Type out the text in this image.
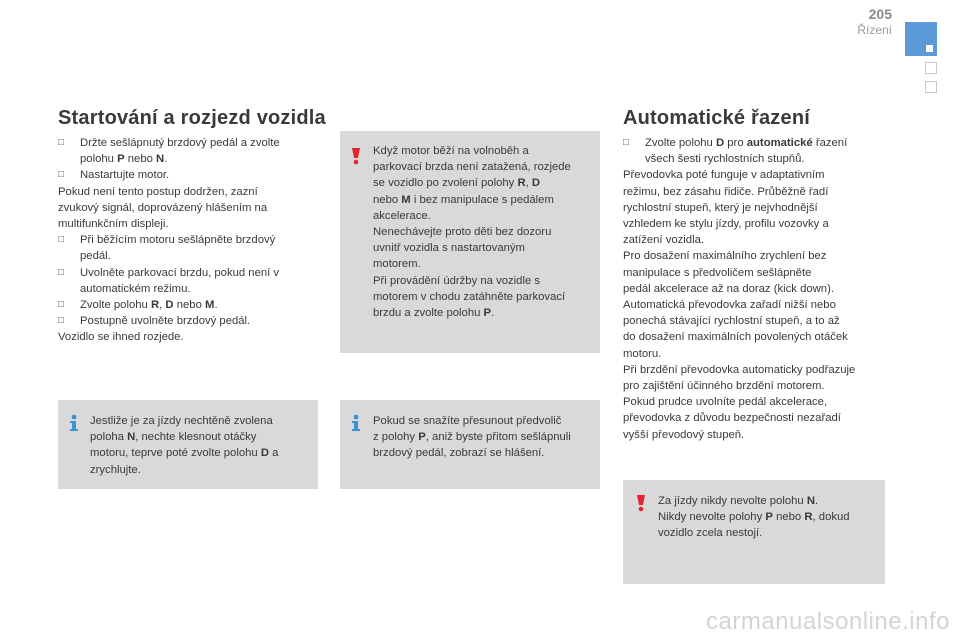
205
Řízení
Startování a rozjezd vozidla
□ Držte sešlápnutý brzdový pedál a zvolte
polohu P nebo N.
□ Nastartujte motor.
Pokud není tento postup dodržen, zazní
zvukový signál, doprovázený hlášením na
multifunkčním displeji.
□ Při běžícím motoru sešlápněte brzdový
pedál.
□ Uvolněte parkovací brzdu, pokud není v
automatickém režimu.
□ Zvolte polohu R, D nebo M.
□ Postupně uvolněte brzdový pedál.
Vozidlo se ihned rozjede.
Jestliže je za jízdy nechtěně zvolena
poloha N, nechte klesnout otáčky
motoru, teprve poté zvolte polohu D a
zrychlujte.
Když motor běží na volnoběh a
parkovací brzda není zatažená, rozjede
se vozidlo po zvolení polohy R, D
nebo M i bez manipulace s pedálem
akcelerace.
Nenechávejte proto děti bez dozoru
uvnitř vozidla s nastartovaným
motorem.
Při provádění údržby na vozidle s
motorem v chodu zatáhněte parkovací
brzdu a zvolte polohu P.
Pokud se snažíte přesunout předvolič
z polohy P, aniž byste přitom sešlápnuli
brzdový pedál, zobrazí se hlášení.
Automatické řazení
□ Zvolte polohu D pro automatické řazení
všech šesti rychlostních stupňů.
Převodovka poté funguje v adaptativním
režimu, bez zásahu řidiče. Průběžně řadí
rychlostní stupeň, který je nejvhodnější
vzhledem ke stylu jízdy, profilu vozovky a
zatížení vozidla.
Pro dosažení maximálního zrychlení bez
manipulace s předvoličem sešlápněte
pedál akcelerace až na doraz (kick down).
Automatická převodovka zařadí nižší nebo
ponechá stávající rychlostní stupeň, a to až
do dosažení maximálních povolených otáček
motoru.
Při brzdění převodovka automaticky podřazuje
pro zajištění účinného brzdění motorem.
Pokud prudce uvolníte pedál akcelerace,
převodovka z důvodu bezpečnosti nezařadí
vyšší převodový stupeň.
Za jízdy nikdy nevolte polohu N.
Nikdy nevolte polohy P nebo R, dokud
vozidlo zcela nestojí.
carmanualsonline.info
